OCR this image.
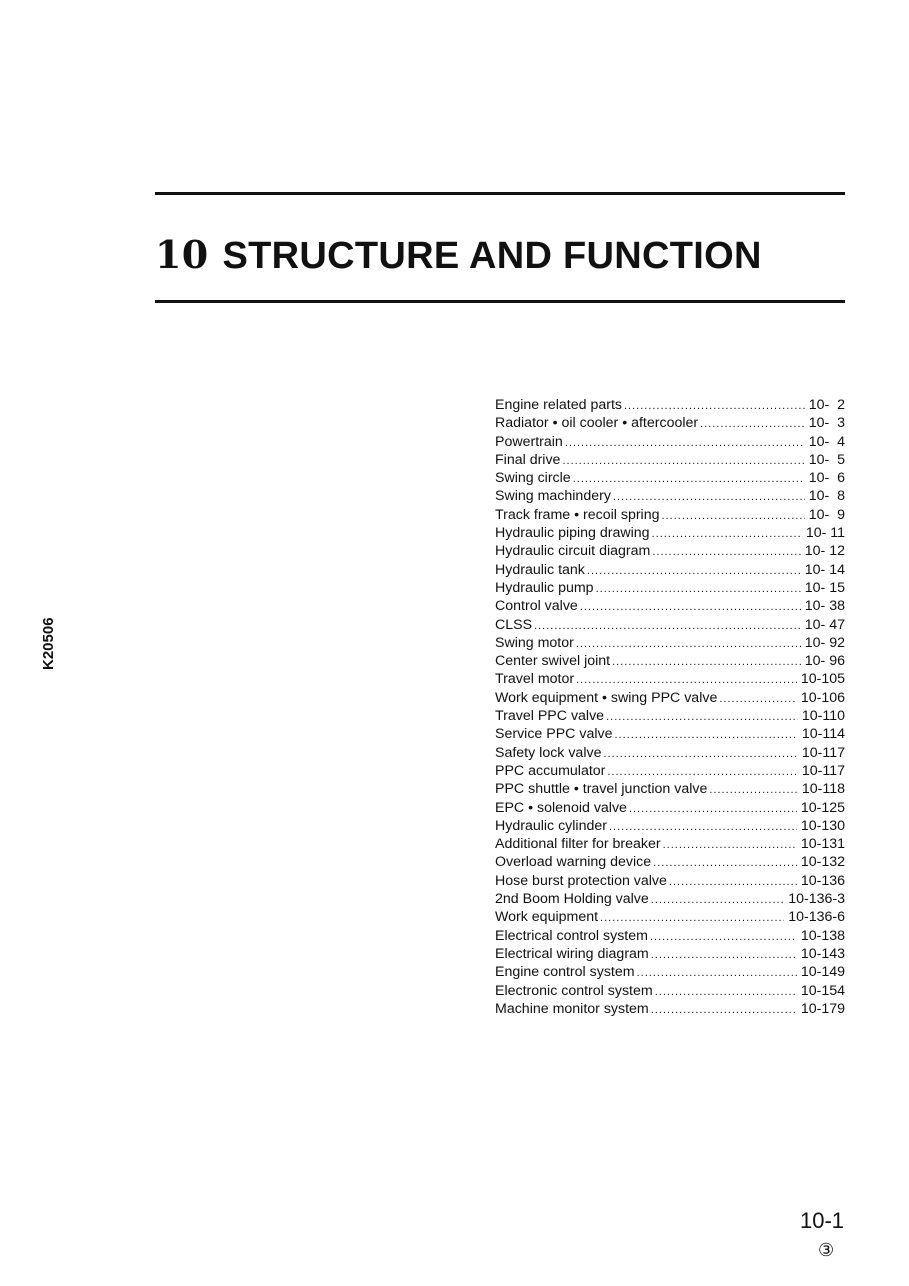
10 STRUCTURE AND FUNCTION
K20506
Engine related parts .....	10-  2
Radiator • oil cooler • aftercooler .....	10-  3
Powertrain .....	10-  4
Final drive .....	10-  5
Swing circle .....	10-  6
Swing machindery .....	10-  8
Track frame • recoil spring .....	10-  9
Hydraulic piping drawing .....	10- 11
Hydraulic circuit diagram .....	10- 12
Hydraulic tank .....	10- 14
Hydraulic pump .....	10- 15
Control valve .....	10- 38
CLSS .....	10- 47
Swing motor .....	10- 92
Center swivel joint .....	10- 96
Travel motor .....	10-105
Work equipment • swing PPC valve .....	10-106
Travel PPC valve .....	10-110
Service PPC valve .....	10-114
Safety lock valve .....	10-117
PPC accumulator .....	10-117
PPC shuttle • travel junction valve .....	10-118
EPC • solenoid valve .....	10-125
Hydraulic cylinder .....	10-130
Additional filter for breaker .....	10-131
Overload warning device .....	10-132
Hose burst protection valve .....	10-136
2nd Boom Holding valve .....	10-136-3
Work equipment .....	10-136-6
Electrical control system .....	10-138
Electrical wiring diagram .....	10-143
Engine control system .....	10-149
Electronic control system .....	10-154
Machine monitor system .....	10-179
10-1
③
